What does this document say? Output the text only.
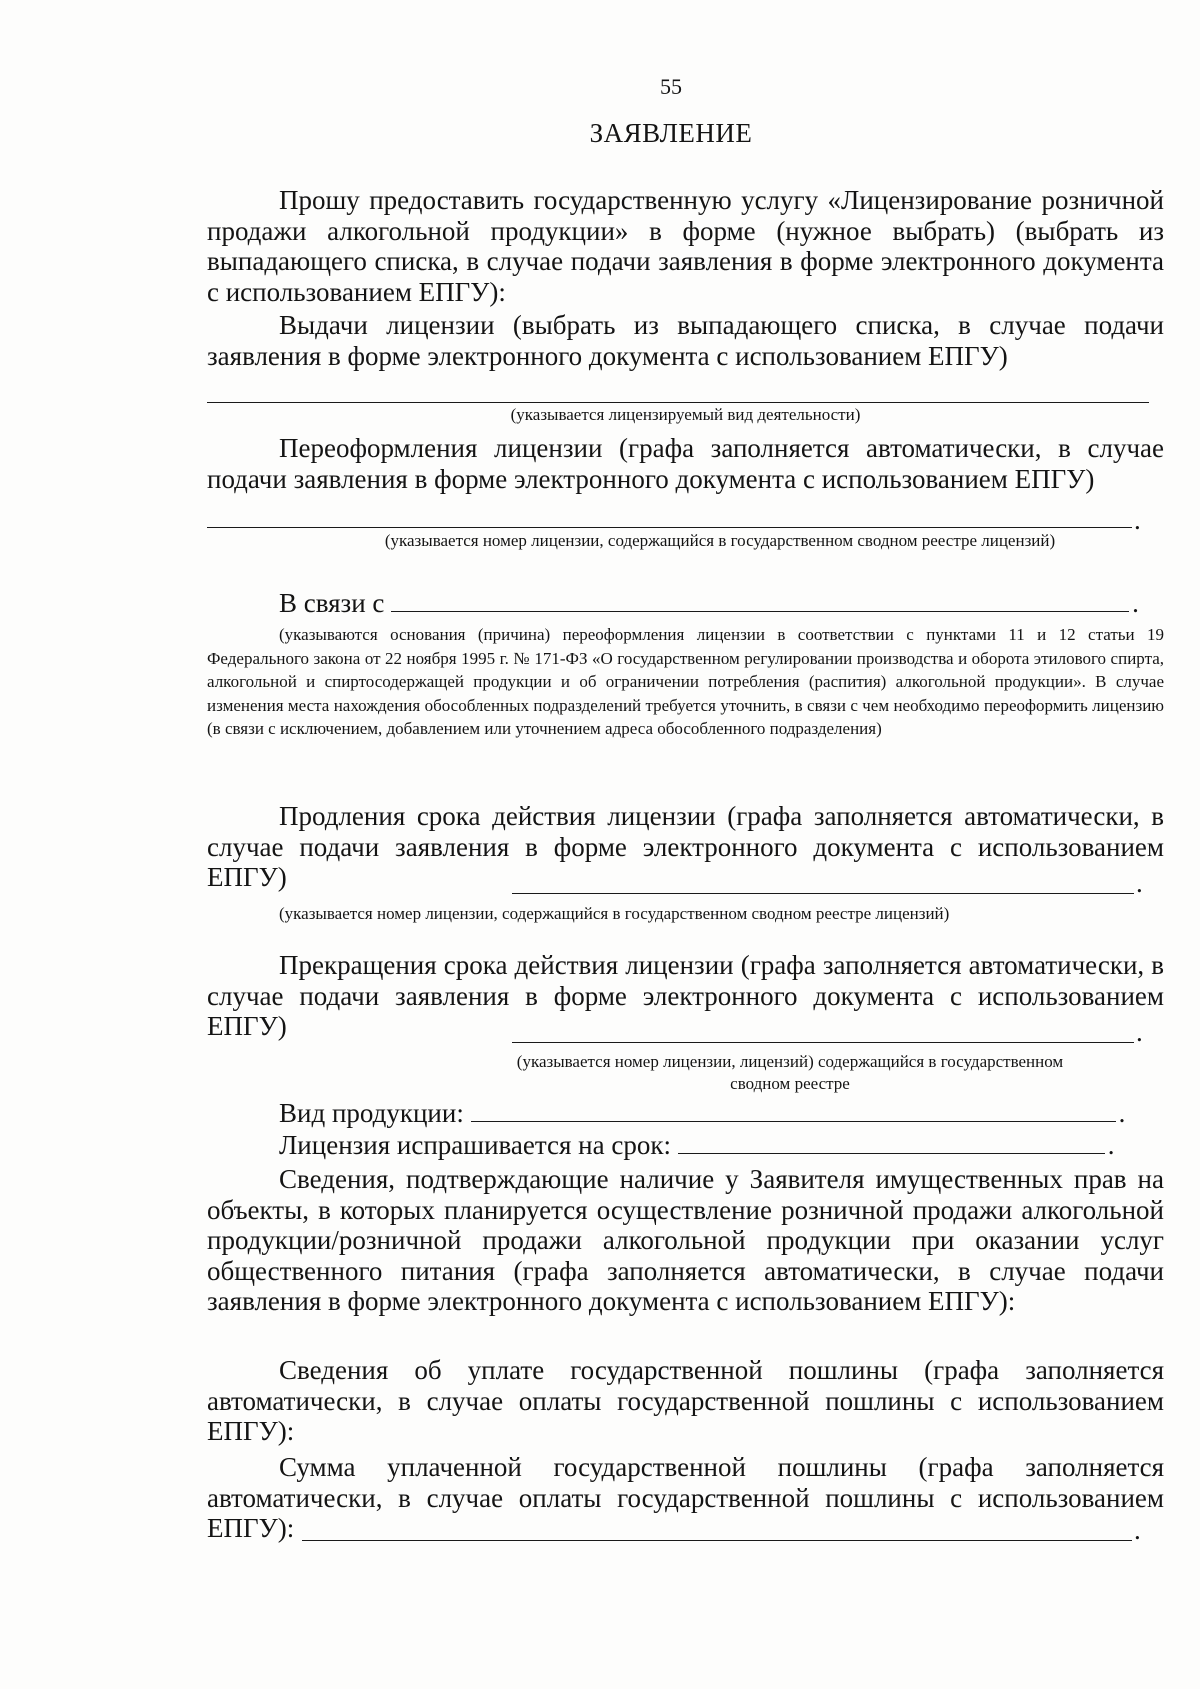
55
ЗАЯВЛЕНИЕ
Прошу предоставить государственную услугу «Лицензирование розничной продажи алкогольной продукции» в форме (нужное выбрать) (выбрать из выпадающего списка, в случае подачи заявления в форме электронного документа с использованием ЕПГУ):
Выдачи лицензии (выбрать из выпадающего списка, в случае подачи заявления в форме электронного документа с использованием ЕПГУ)
(указывается лицензируемый вид деятельности)
Переоформления лицензии (графа заполняется автоматически, в случае подачи заявления в форме электронного документа с использованием ЕПГУ)
.
(указывается номер лицензии, содержащийся в государственном сводном реестре лицензий)
В связи с	.
(указываются основания (причина) переоформления лицензии в соответствии с пунктами 11 и 12 статьи 19 Федерального закона от 22 ноября 1995 г. № 171-ФЗ «О государственном регулировании производства и оборота этилового спирта, алкогольной и спиртосодержащей продукции и об ограничении потребления (распития) алкогольной продукции». В случае изменения места нахождения обособленных подразделений требуется уточнить, в связи с чем необходимо переоформить лицензию (в связи с исключением, добавлением или уточнением адреса обособленного подразделения)
Продления срока действия лицензии (графа заполняется автоматически, в случае подачи заявления в форме электронного документа с использованием ЕПГУ)	.
(указывается номер лицензии, содержащийся в государственном сводном реестре лицензий)
Прекращения срока действия лицензии (графа заполняется автоматически, в случае подачи заявления в форме электронного документа с использованием ЕПГУ)	.
(указывается номер лицензии, лицензий) содержащийся в государственном
сводном реестре
Вид продукции:	.
Лицензия испрашивается на срок:	.
Сведения, подтверждающие наличие у Заявителя имущественных прав на объекты, в которых планируется осуществление розничной продажи алкогольной продукции/розничной продажи алкогольной продукции при оказании услуг общественного питания (графа заполняется автоматически, в случае подачи заявления в форме электронного документа с использованием ЕПГУ):
Сведения об уплате государственной пошлины (графа заполняется автоматически, в случае оплаты государственной пошлины с использованием ЕПГУ):
Сумма уплаченной государственной пошлины (графа заполняется автоматически, в случае оплаты государственной пошлины с использованием ЕПГУ):	.
